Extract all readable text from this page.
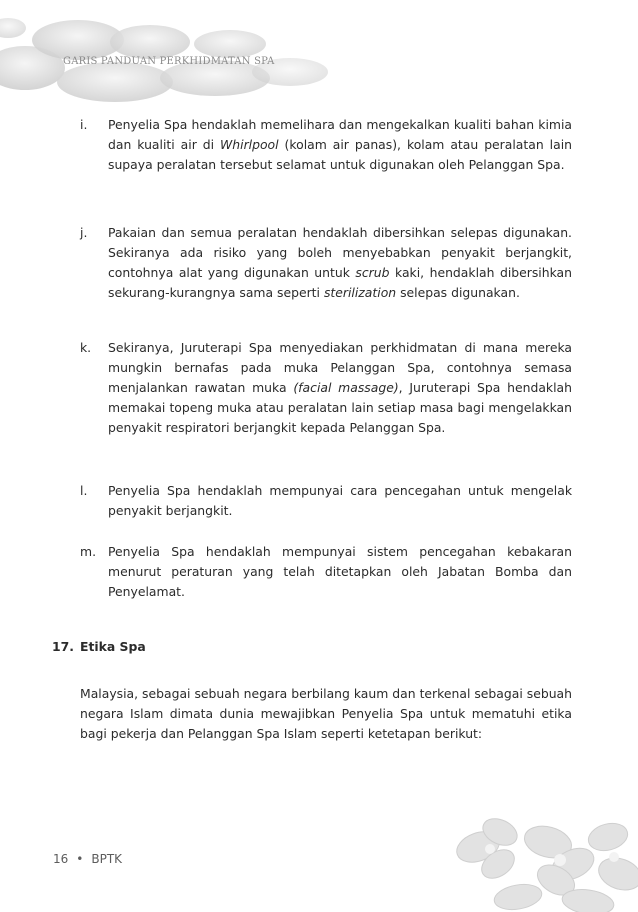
GARIS PANDUAN PERKHIDMATAN SPA
i. Penyelia Spa hendaklah memelihara dan mengekalkan kualiti bahan kimia dan kualiti air di Whirlpool (kolam air panas), kolam atau peralatan lain supaya peralatan tersebut selamat untuk digunakan oleh Pelanggan Spa.
j. Pakaian dan semua peralatan hendaklah dibersihkan selepas digunakan. Sekiranya ada risiko yang boleh menyebabkan penyakit berjangkit, contohnya alat yang digunakan untuk scrub kaki, hendaklah dibersihkan sekurang-kurangnya sama seperti sterilization selepas digunakan.
k. Sekiranya, Juruterapi Spa menyediakan perkhidmatan di mana mereka mungkin bernafas pada muka Pelanggan Spa, contohnya semasa menjalankan rawatan muka (facial massage), Juruterapi Spa hendaklah memakai topeng muka atau peralatan lain setiap masa bagi mengelakkan penyakit respiratori berjangkit kepada Pelanggan Spa.
l. Penyelia Spa hendaklah mempunyai cara pencegahan untuk mengelak penyakit berjangkit.
m. Penyelia Spa hendaklah mempunyai sistem pencegahan kebakaran menurut peraturan yang telah ditetapkan oleh Jabatan Bomba dan Penyelamat.
17. Etika Spa
Malaysia, sebagai sebuah negara berbilang kaum dan terkenal sebagai sebuah negara Islam dimata dunia mewajibkan Penyelia Spa untuk mematuhi etika bagi pekerja dan Pelanggan Spa Islam seperti ketetapan berikut:
16 • BPTK
